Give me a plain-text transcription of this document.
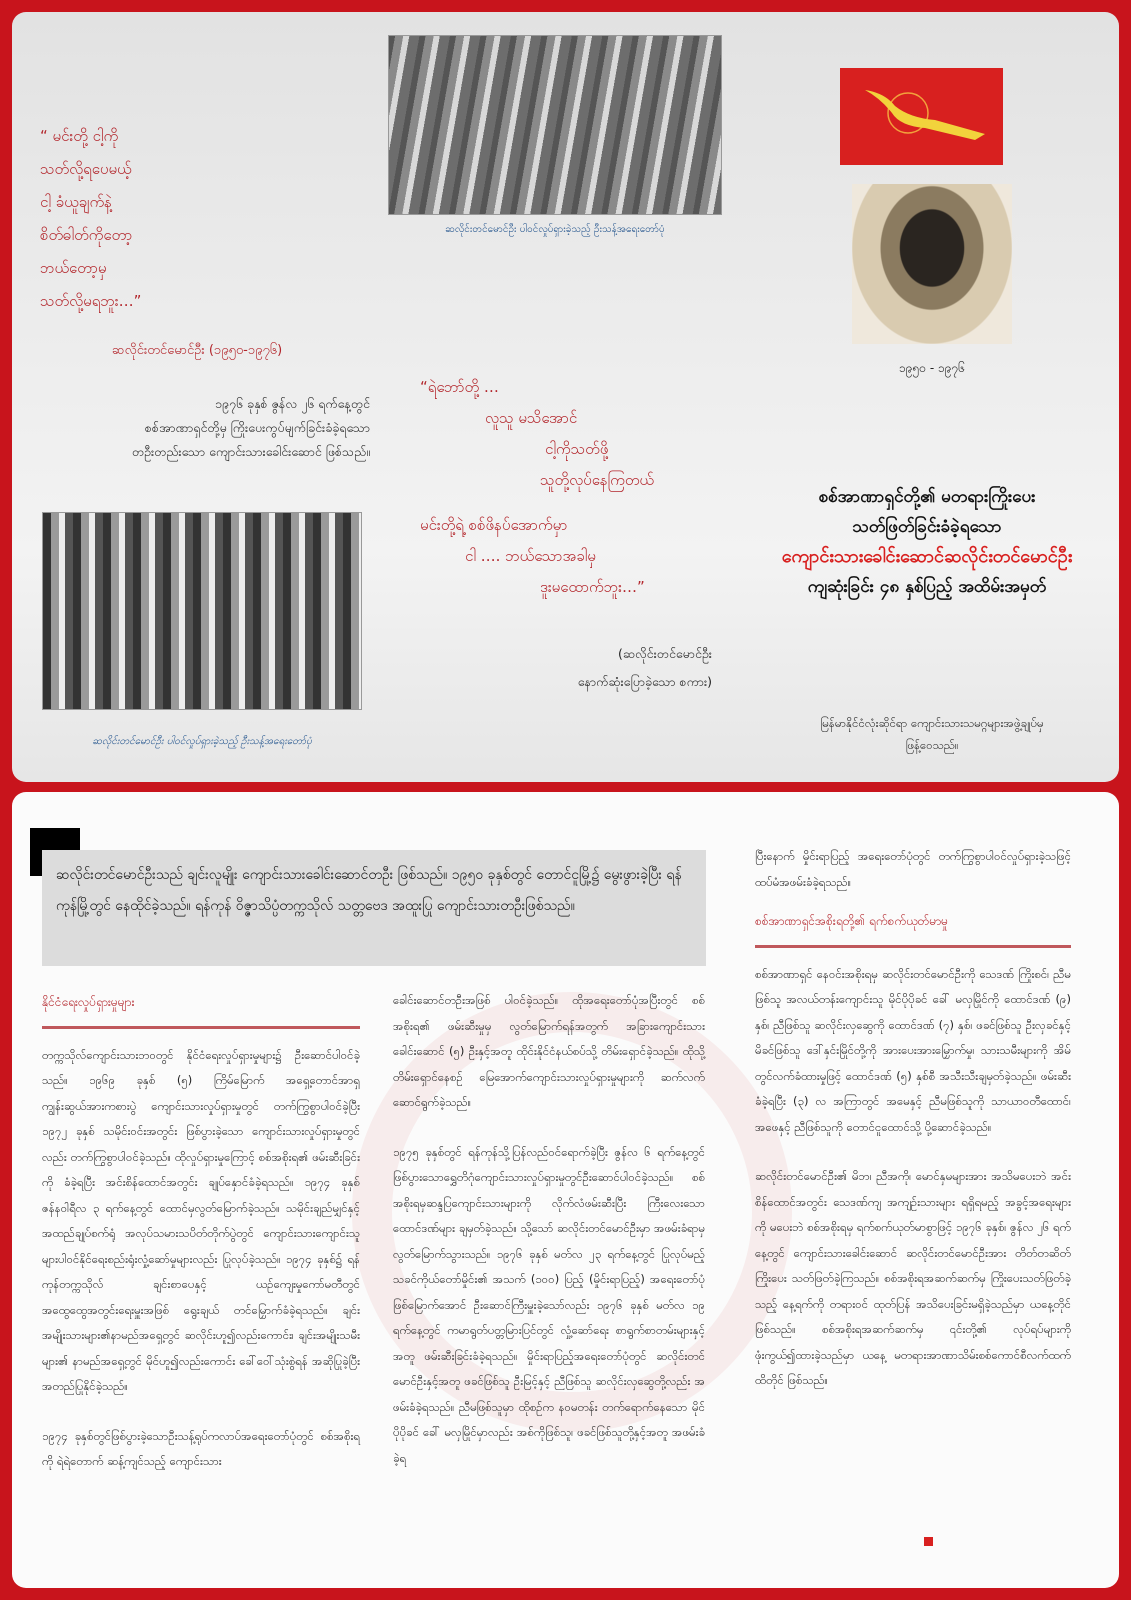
ဆလိုင်းတင်မောင်ဦး ပါဝင်လှုပ်ရှားခဲ့သည့် ဦးသန့်အရေးတော်ပုံ

“ မင်းတို့ ငါ့ကို

သတ်လို့ရပေမယ့်

ငါ့ ခံယူချက်နဲ့

စိတ်ဓါတ်ကိုတော့

ဘယ်တော့မှ

သတ်လို့မရဘူး…”

ဆလိုင်းတင်မောင်ဦး (၁၉၅၀-၁၉၇၆)
၁၉၇၆ ခုနှစ် ဇွန်လ ၂၆ ရက်နေ့တွင်
စစ်အာဏာရှင်တို့မှ ကြိုးပေးကွပ်မျက်ခြင်းခံခဲ့ရသော
တဦးတည်းသော ကျောင်းသားခေါင်းဆောင် ဖြစ်သည်။
ဆလိုင်းတင်မောင်ဦး ပါဝင်လှုပ်ရှားခဲ့သည့် ဦးသန့်အရေးတော်ပုံ

“ရဲဘော်တို့ …

လူသူ မသိအောင်

ငါ့ကိုသတ်ဖို့

သူတို့လုပ်နေကြတယ်

မင်းတို့ရဲ့ စစ်ဖိနပ်အောက်မှာ

ငါ …. ဘယ်သောအခါမှ

ဒူးမထောက်ဘူး…”

(ဆလိုင်းတင်မောင်ဦး
နောက်ဆုံးပြောခဲ့သော စကား)
၁၉၅၀ - ၁၉၇၆
စစ်အာဏာရှင်တို့၏ မတရားကြိုးပေး
သတ်ဖြတ်ခြင်းခံခဲ့ရသော
ကျောင်းသားခေါင်းဆောင်ဆလိုင်းတင်မောင်ဦး
ကျဆုံးခြင်း ၄၈ နှစ်ပြည့် အထိမ်းအမှတ်
မြန်မာနိုင်ငံလုံးဆိုင်ရာ ကျောင်းသားသမဂ္ဂများအဖွဲ့ချုပ်မှ
ဖြန့်ဝေသည်။
ဆလိုင်းတင်မောင်ဦးသည် ချင်းလူမျိုး ကျောင်းသားခေါင်းဆောင်တဦး ဖြစ်သည်။ ၁၉၅၀ ခုနှစ်တွင် တောင်ငူမြို့၌ မွေးဖွားခဲ့ပြီး ရန်ကုန်မြို့တွင် နေထိုင်ခဲ့သည်။ ရန်ကုန် ဝိဇ္ဇာသိပ္ပံတက္ကသိုလ် သတ္တဗေဒ အထူးပြု ကျောင်းသားတဦးဖြစ်သည်။
နိုင်ငံရေးလှုပ်ရှားမှုများ

တက္ကသိုလ်ကျောင်းသားဘဝတွင် နိုင်ငံရေးလှုပ်ရှားမှုများ၌ ဦးဆောင်ပါဝင်ခဲ့သည်။ ၁၉၆၉ ခုနှစ် (၅) ကြိမ်မြောက် အရှေ့တောင်အာရှ ကျွန်းဆွယ်အားကစားပွဲ ကျောင်းသားလှုပ်ရှားမှုတွင် တက်ကြွစွာပါဝင်ခဲ့ပြီး ၁၉၇၂ ခုနှစ် သမိုင်းဝင်းအတွင်း ဖြစ်ပွားခဲ့သော ကျောင်းသားလှုပ်ရှားမှုတွင်လည်း တက်ကြွစွာပါဝင်ခဲ့သည်။ ထိုလှုပ်ရှားမှုကြောင့် စစ်အစိုးရ၏ ဖမ်းဆီးခြင်းကို ခံခဲ့ရပြီး အင်းစိန်ထောင်အတွင်း ချုပ်နှောင်ခံခဲ့ရသည်။ ၁၉၇၄ ခုနှစ် ဇန်နဝါရီလ ၃ ရက်နေ့တွင် ထောင်မှလွတ်မြောက်ခဲ့သည်။ သမိုင်းချည်မျှင်နှင့် အထည်ချုပ်စက်ရုံ အလုပ်သမားသပိတ်တိုက်ပွဲတွင် ကျောင်းသားကျောင်းသူများပါဝင်နိုင်ရေးစည်းရုံးလှုံ့ဆော်မှုများလည်း ပြုလုပ်ခဲ့သည်။ ၁၉၇၄ ခုနှစ်၌ ရန်ကုန်တက္ကသိုလ် ချင်းစာပေနှင့် ယဉ်ကျေးမှုကော်မတီတွင် အထွေထွေအတွင်းရေးမှူးအဖြစ် ရွေးချယ် တင်မြှောက်ခံခဲ့ရသည်။ ချင်းအမျိုးသားများ၏နာမည်အရှေ့တွင် ဆလိုင်းဟူ၍လည်းကောင်း၊ ချင်းအမျိုးသမီးများ၏ နာမည်အရှေ့တွင် မိုင်ဟူ၍လည်းကောင်း ခေါ်ဝေါ်သုံးစွဲရန် အဆိုပြုခဲ့ပြီး အတည်ပြုနိုင်ခဲ့သည်။

၁၉၇၄ ခုနှစ်တွင်ဖြစ်ပွားခဲ့သောဦးသန့်ရုပ်ကလာပ်အရေးတော်ပုံတွင် စစ်အစိုးရကို ရဲရဲတောက် ဆန့်ကျင်သည့် ကျောင်းသား

ခေါင်းဆောင်တဦးအဖြစ် ပါဝင်ခဲ့သည်။ ထိုအရေးတော်ပုံအပြီးတွင် စစ်အစိုးရ၏ ဖမ်းဆီးမှုမှ လွတ်မြောက်ရန်အတွက် အခြားကျောင်းသားခေါင်းဆောင် (၅) ဦးနှင့်အတူ ထိုင်းနိုင်ငံနယ်စပ်သို့ တိမ်းရှောင်ခဲ့သည်။ ထိုသို့တိမ်းရှောင်နေစဉ် မြေအောက်ကျောင်းသားလှုပ်ရှားမှုများကို ဆက်လက်ဆောင်ရွက်ခဲ့သည်။

၁၉၇၅ ခုနှစ်တွင် ရန်ကုန်သို့ပြန်လည်ဝင်ရောက်ခဲ့ပြီး ဇွန်လ ၆ ရက်နေ့တွင်ဖြစ်ပွားသောရွှေတိဂုံကျောင်းသားလှုပ်ရှားမှုတွင်ဦးဆောင်ပါဝင်ခဲ့သည်။ စစ်အစိုးရမှဆန္ဒပြကျောင်းသားများကို လိုက်လံဖမ်းဆီးပြီး ကြီးလေးသော ထောင်ဒဏ်များ ချမှတ်ခဲ့သည်။ သို့သော် ဆလိုင်းတင်မောင်ဦးမှာ အဖမ်းခံရာမှ လွတ်မြောက်သွားသည်။ ၁၉၇၆ ခုနှစ် မတ်လ ၂၃ ရက်နေ့တွင် ပြုလုပ်မည့် သခင်ကိုယ်တော်မှိုင်း၏ အသက် (၁၀၀) ပြည့် (မှိုင်းရာပြည့်) အရေးတော်ပုံ ဖြစ်မြောက်အောင် ဦးဆောင်ကြီးမှူးခဲ့သော်လည်း ၁၉၇၆ ခုနှစ် မတ်လ ၁၉ ရက်နေ့တွင် ကမာရွတ်ပတ္တမြားပြင်တွင် လှုံ့ဆော်ရေး စာရွက်စာတမ်းများနှင့်အတူ ဖမ်းဆီးခြင်းခံခဲ့ရသည်။ မှိုင်းရာပြည့်အရေးတော်ပုံတွင် ဆလိုင်းတင်မောင်ဦးနှင့်အတူ ဖခင်ဖြစ်သူ ဦးမြင့်နှင့် ညီဖြစ်သူ ဆလိုင်းလှဆွေတို့လည်း အဖမ်းခံခဲ့ရသည်။ ညီမဖြစ်သူမှာ ထိုစဉ်က နဝမတန်း တက်ရောက်နေသော မိုင်ပိုပိုခင် ခေါ် မလှမြိုင်မှာလည်း အစ်ကိုဖြစ်သူ၊ ဖခင်ဖြစ်သူတို့နှင့်အတူ အဖမ်းခံခဲ့ရ

ပြီးနောက် မှိုင်းရာပြည့် အရေးတော်ပုံတွင် တက်ကြွစွာပါဝင်လှုပ်ရှားခဲ့သဖြင့် ထပ်မံအဖမ်းခံခဲ့ရသည်။

စစ်အာဏာရှင်အစိုးရတို့၏ ရက်စက်ယုတ်မာမှု

စစ်အာဏာရှင် နေဝင်းအစိုးရမှ ဆလိုင်းတင်မောင်ဦးကို သေဒဏ် ကြိုးစင်၊ ညီမဖြစ်သူ အလယ်တန်းကျောင်းသူ မိုင်ပိုပိုခင် ခေါ် မလှမြိုင်ကို ထောင်ဒဏ် (၉) နှစ်၊ ညီဖြစ်သူ ဆလိုင်းလှဆွေကို ထောင်ဒဏ် (၇) နှစ်၊ ဖခင်ဖြစ်သူ ဦးလှခင်နှင့် မိခင်ဖြစ်သူ ဒေါ်နှင်းမြိုင်တို့ကို အားပေးအားမြှောက်မှု၊ သားသမီးများကို အိမ်တွင်လက်ခံထားမှုဖြင့် ထောင်ဒဏ် (၅) နှစ်စီ အသီးသီးချမှတ်ခဲ့သည်။ ဖမ်းဆီးခံခဲ့ရပြီး (၃) လ အကြာတွင် အမေနှင့် ညီမဖြစ်သူကို သာယာဝတီထောင်၊ အဖေနှင့် ညီဖြစ်သူကို တောင်ငူထောင်သို့ ပို့ဆောင်ခဲ့သည်။

ဆလိုင်းတင်မောင်ဦး၏ မိဘ၊ ညီအကို၊ မောင်နှမများအား အသိမပေးဘဲ အင်းစိန်ထောင်အတွင်း သေဒဏ်ကျ အကျဉ်းသားများ ရရှိရမည့် အခွင့်အရေးများကို မပေးဘဲ စစ်အစိုးရမှ ရက်စက်ယုတ်မာစွာဖြင့် ၁၉၇၆ ခုနှစ်၊ ဇွန်လ ၂၆ ရက်နေ့တွင် ကျောင်းသားခေါင်းဆောင် ဆလိုင်းတင်မောင်ဦးအား တိတ်တဆိတ် ကြိုးပေး သတ်ဖြတ်ခဲ့ကြသည်။ စစ်အစိုးရအဆက်ဆက်မှ ကြိုးပေးသတ်ဖြတ်ခဲ့သည့် နေ့ရက်ကို တရားဝင် ထုတ်ပြန် အသိပေးခြင်းမရှိခဲ့သည်မှာ ယနေ့တိုင် ဖြစ်သည်။ စစ်အစိုးရအဆက်ဆက်မှ ၎င်းတို့၏ လုပ်ရပ်များကို ဖုံးကွယ်၍ထားခဲ့သည်မှာ ယနေ့ မတရားအာဏာသိမ်းစစ်ကောင်စီလက်ထက်ထိတိုင် ဖြစ်သည်။
